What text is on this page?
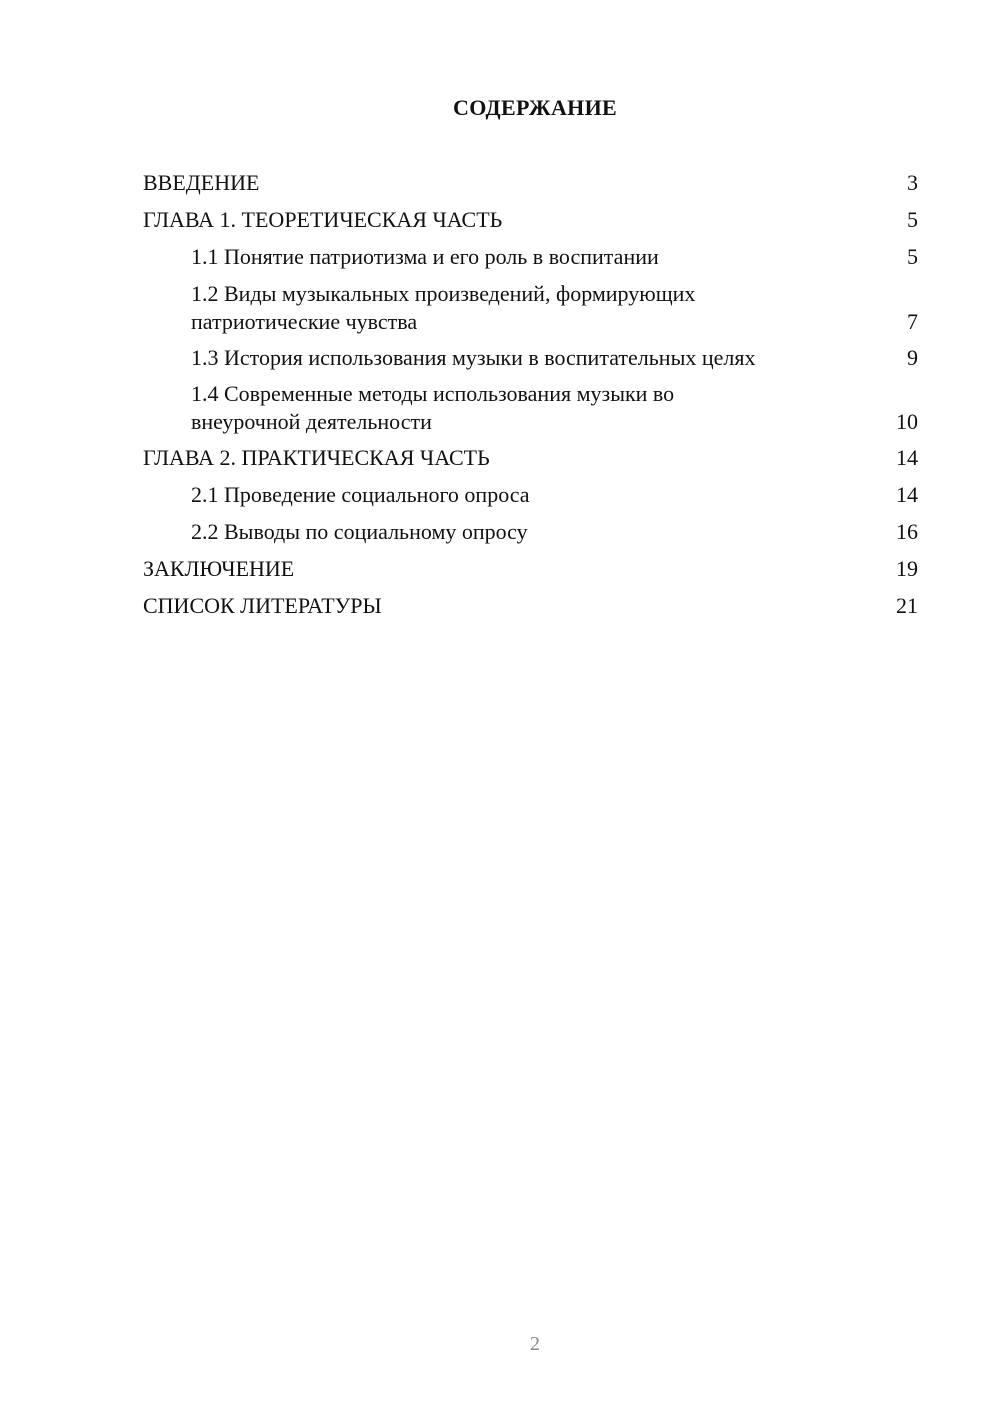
СОДЕРЖАНИЕ
ВВЕДЕНИЕ	3
ГЛАВА 1. ТЕОРЕТИЧЕСКАЯ ЧАСТЬ	5
1.1 Понятие патриотизма и его роль в воспитании	5
1.2 Виды музыкальных произведений, формирующих патриотические чувства	7
1.3 История использования музыки в воспитательных целях	9
1.4 Современные методы использования музыки во внеурочной деятельности	10
ГЛАВА 2. ПРАКТИЧЕСКАЯ ЧАСТЬ	14
2.1 Проведение социального опроса	14
2.2 Выводы по социальному опросу	16
ЗАКЛЮЧЕНИЕ	19
СПИСОК ЛИТЕРАТУРЫ	21
2
